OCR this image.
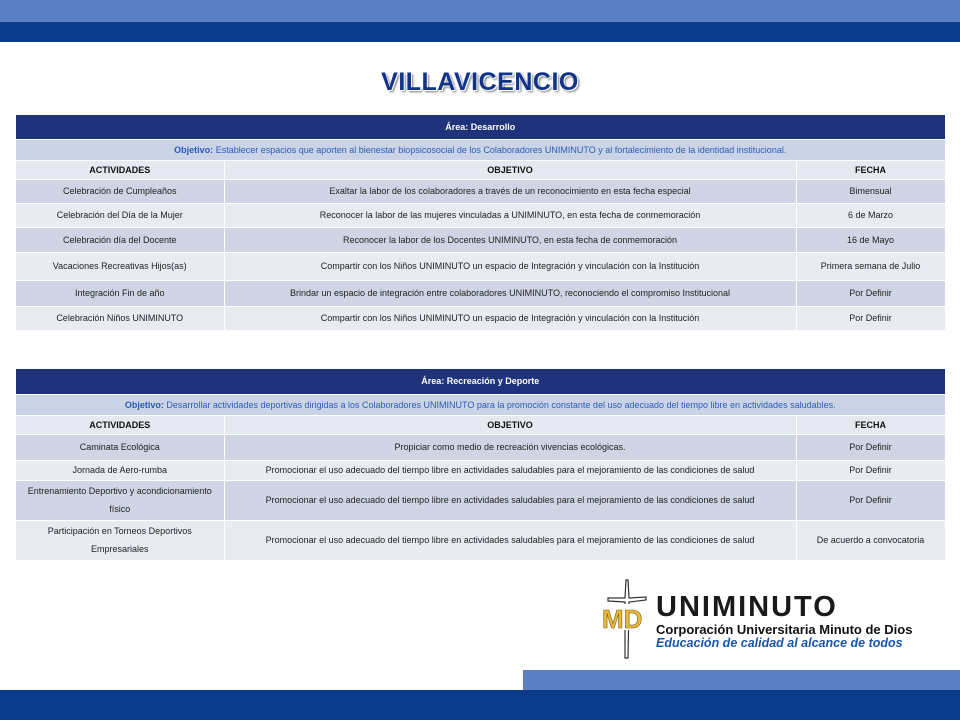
VILLAVICENCIO
Área: Desarrollo		
Objetivo: Establecer espacios que aporten al bienestar biopsicosocial de los Colaboradores UNIMINUTO y al fortalecimiento de la identidad institucional.		
ACTIVIDADES	OBJETIVO	FECHA
Celebración de Cumpleaños	Exaltar la labor de los colaboradores a través de un reconocimiento en esta fecha especial	Bimensual
Celebración del Día de la Mujer	Reconocer la labor de las mujeres vinculadas a UNIMINUTO, en esta fecha de conmemoración	6 de Marzo
Celebración día del Docente	Reconocer la labor de los Docentes UNIMINUTO, en esta fecha de conmemoración	16 de Mayo
Vacaciones Recreativas Hijos(as)	Compartir con los Niños UNIMINUTO un espacio de Integración y vinculación con la Institución	Primera semana de Julio
Integración Fin de año	Brindar un espacio de integración entre colaboradores UNIMINUTO, reconociendo el compromiso Institucional	Por Definir
Celebración Niños UNIMINUTO	Compartir con los Niños UNIMINUTO un espacio de Integración y vinculación con la Institución	Por Definir
Área: Recreación y Deporte		
Objetivo: Desarrollar actividades deportivas dirigidas a los Colaboradores UNIMINUTO para la promoción constante del uso adecuado del tiempo libre en actividades saludables.		
ACTIVIDADES	OBJETIVO	FECHA
Caminata Ecológica	Propiciar como medio de recreación vivencias ecológicas.	Por Definir
Jornada de Aero-rumba	Promocionar el uso adecuado del tiempo libre en actividades saludables para el mejoramiento de las condiciones de salud	Por Definir
Entrenamiento Deportivo y acondicionamiento físico	Promocionar el uso adecuado del tiempo libre en actividades saludables para el mejoramiento de las condiciones de salud	Por Definir
Participación en Torneos Deportivos Empresariales	Promocionar el uso adecuado del tiempo libre en actividades saludables para el mejoramiento de las condiciones de salud	De acuerdo a convocatoria
MD UNIMINUTO
Corporación Universitaria Minuto de Dios
Educación de calidad al alcance de todos
